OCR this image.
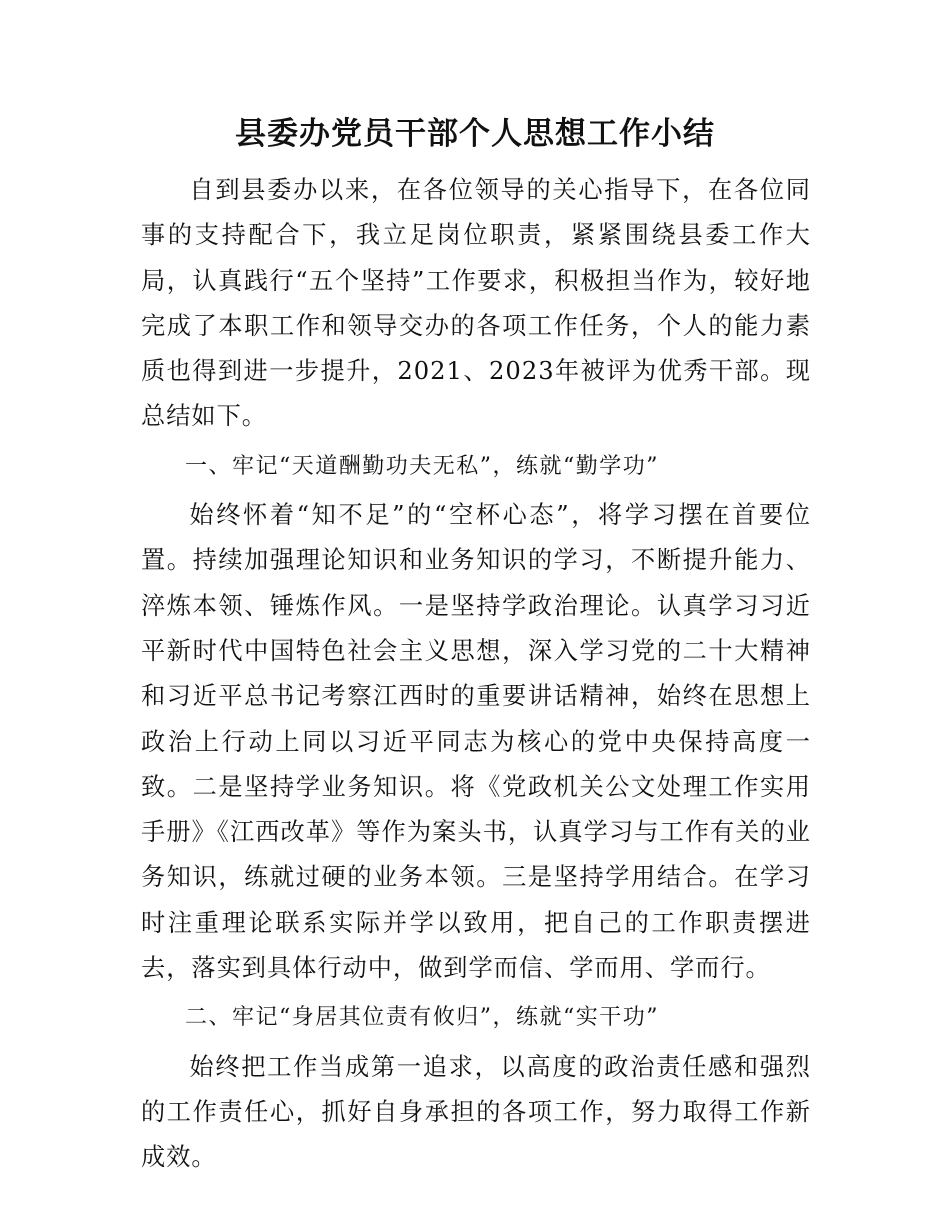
县委办党员干部个人思想工作小结

自到县委办以来，在各位领导的关心指导下，在各位同事的支持配合下，我立足岗位职责，紧紧围绕县委工作大局，认真践行“五个坚持”工作要求，积极担当作为，较好地完成了本职工作和领导交办的各项工作任务，个人的能力素质也得到进一步提升，2021、2023年被评为优秀干部。现总结如下。

一、牢记“天道酬勤功夫无私”，练就“勤学功”

始终怀着“知不足”的“空杯心态”，将学习摆在首要位置。持续加强理论知识和业务知识的学习，不断提升能力、淬炼本领、锤炼作风。一是坚持学政治理论。认真学习习近平新时代中国特色社会主义思想，深入学习党的二十大精神和习近平总书记考察江西时的重要讲话精神，始终在思想上政治上行动上同以习近平同志为核心的党中央保持高度一致。二是坚持学业务知识。将《党政机关公文处理工作实用手册》《江西改革》等作为案头书，认真学习与工作有关的业务知识，练就过硬的业务本领。三是坚持学用结合。在学习时注重理论联系实际并学以致用，把自己的工作职责摆进去，落实到具体行动中，做到学而信、学而用、学而行。

二、牢记“身居其位责有攸归”，练就“实干功”

始终把工作当成第一追求，以高度的政治责任感和强烈的工作责任心，抓好自身承担的各项工作，努力取得工作新成效。
